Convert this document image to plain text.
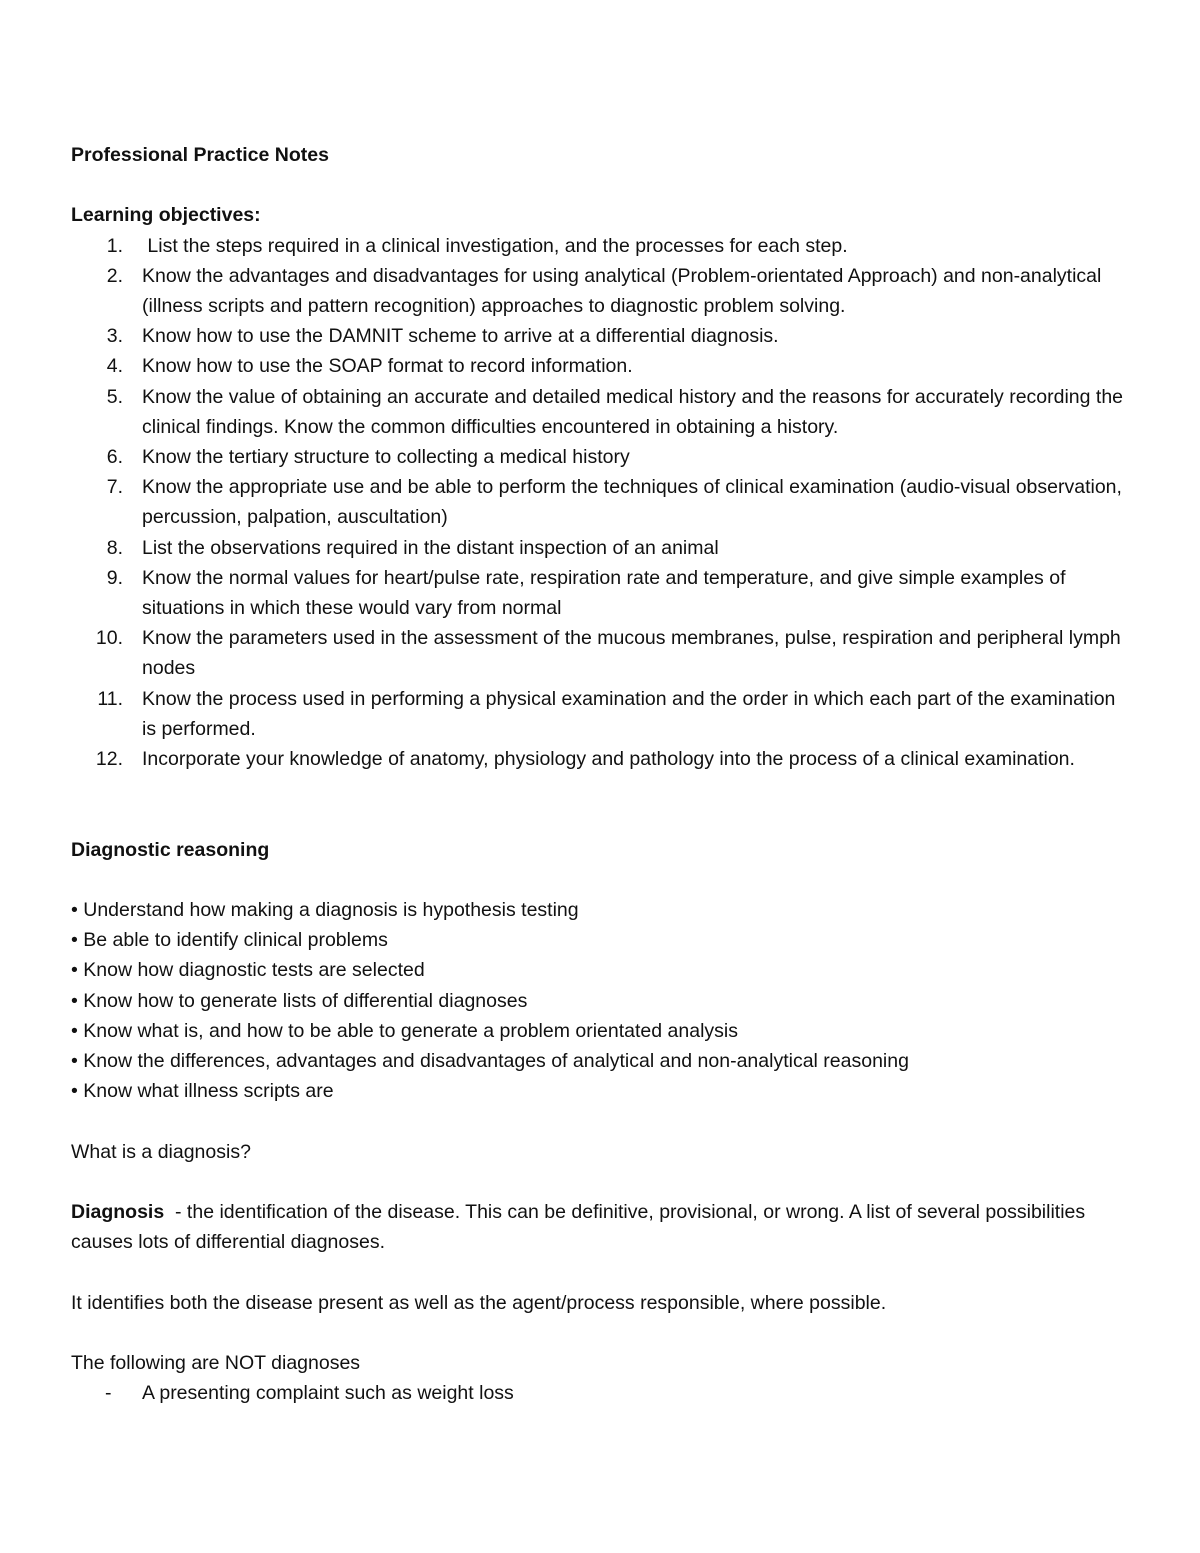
Professional Practice Notes
Learning objectives:
1. List the steps required in a clinical investigation, and the processes for each step.
2. Know the advantages and disadvantages for using analytical (Problem-orientated Approach) and non-analytical (illness scripts and pattern recognition) approaches to diagnostic problem solving.
3. Know how to use the DAMNIT scheme to arrive at a differential diagnosis.
4. Know how to use the SOAP format to record information.
5. Know the value of obtaining an accurate and detailed medical history and the reasons for accurately recording the clinical findings. Know the common difficulties encountered in obtaining a history.
6. Know the tertiary structure to collecting a medical history
7. Know the appropriate use and be able to perform the techniques of clinical examination (audio-visual observation, percussion, palpation, auscultation)
8. List the observations required in the distant inspection of an animal
9. Know the normal values for heart/pulse rate, respiration rate and temperature, and give simple examples of situations in which these would vary from normal
10. Know the parameters used in the assessment of the mucous membranes, pulse, respiration and peripheral lymph nodes
11. Know the process used in performing a physical examination and the order in which each part of the examination is performed.
12. Incorporate your knowledge of anatomy, physiology and pathology into the process of a clinical examination.
Diagnostic reasoning
• Understand how making a diagnosis is hypothesis testing
• Be able to identify clinical problems
• Know how diagnostic tests are selected
• Know how to generate lists of differential diagnoses
• Know what is, and how to be able to generate a problem orientated analysis
• Know the differences, advantages and disadvantages of analytical and non-analytical reasoning
• Know what illness scripts are

What is a diagnosis?

Diagnosis  - the identification of the disease. This can be definitive, provisional, or wrong. A list of several possibilities causes lots of differential diagnoses.

It identifies both the disease present as well as the agent/process responsible, where possible.

The following are NOT diagnoses

- A presenting complaint such as weight loss
